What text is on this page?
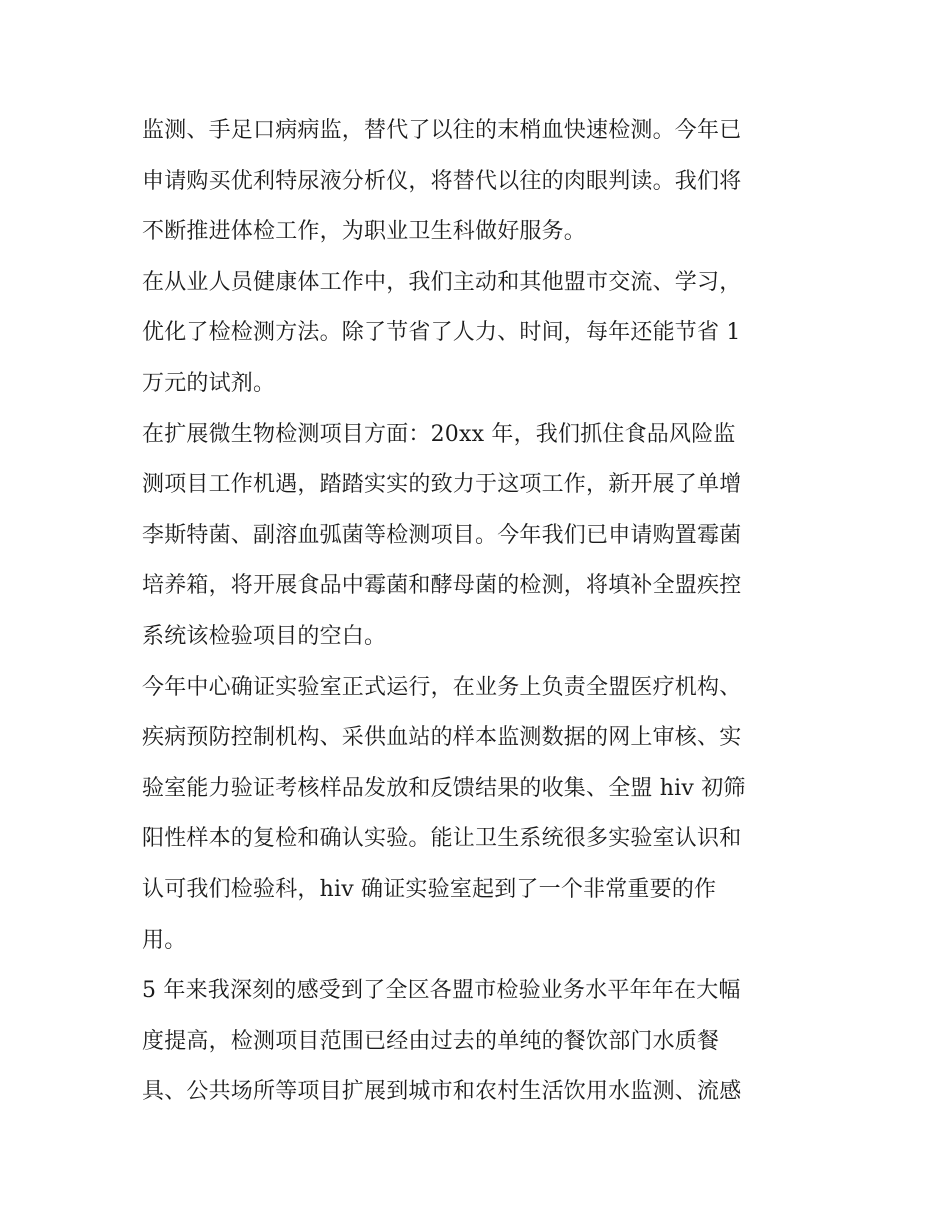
监测、手足口病病监，替代了以往的末梢血快速检测。今年已
申请购买优利特尿液分析仪，将替代以往的肉眼判读。我们将
不断推进体检工作，为职业卫生科做好服务。
在从业人员健康体工作中，我们主动和其他盟市交流、学习，
优化了检检测方法。除了节省了人力、时间，每年还能节省 1
万元的试剂。
在扩展微生物检测项目方面：20xx 年，我们抓住食品风险监
测项目工作机遇，踏踏实实的致力于这项工作，新开展了单增
李斯特菌、副溶血弧菌等检测项目。今年我们已申请购置霉菌
培养箱，将开展食品中霉菌和酵母菌的检测，将填补全盟疾控
系统该检验项目的空白。
今年中心确证实验室正式运行，在业务上负责全盟医疗机构、
疾病预防控制机构、采供血站的样本监测数据的网上审核、实
验室能力验证考核样品发放和反馈结果的收集、全盟 hiv 初筛
阳性样本的复检和确认实验。能让卫生系统很多实验室认识和
认可我们检验科，hiv 确证实验室起到了一个非常重要的作
用。
5 年来我深刻的感受到了全区各盟市检验业务水平年年在大幅
度提高，检测项目范围已经由过去的单纯的餐饮部门水质餐
具、公共场所等项目扩展到城市和农村生活饮用水监测、流感
